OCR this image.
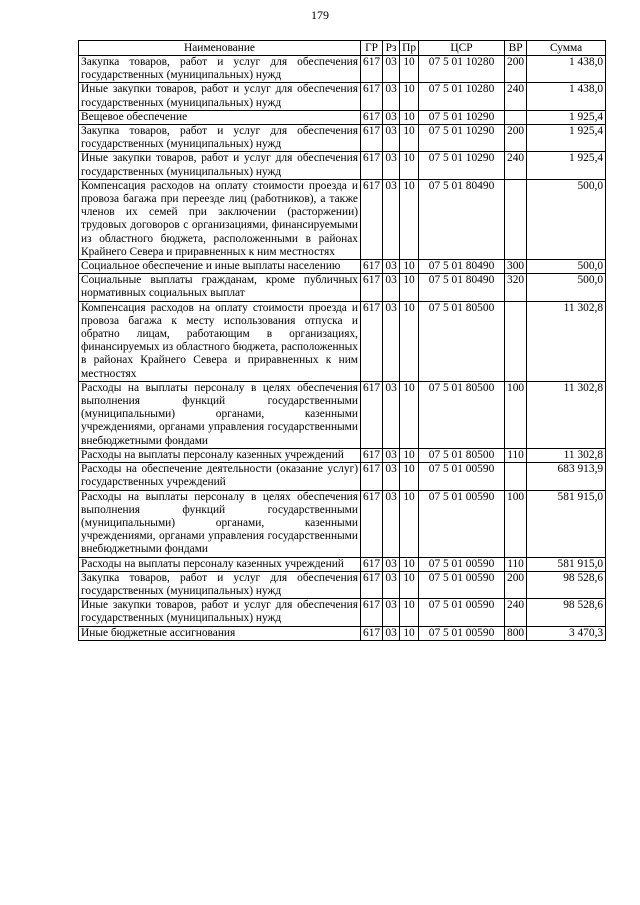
179
Наименование	ГР	Рз	Пр	ЦСР	ВР	Сумма
Закупка товаров, работ и услуг для обеспечения государственных (муниципальных) нужд	617	03	10	07 5 01 10280	200	1 438,0
Иные закупки товаров, работ и услуг для обеспечения государственных (муниципальных) нужд	617	03	10	07 5 01 10280	240	1 438,0
Вещевое обеспечение	617	03	10	07 5 01 10290		1 925,4
Закупка товаров, работ и услуг для обеспечения государственных (муниципальных) нужд	617	03	10	07 5 01 10290	200	1 925,4
Иные закупки товаров, работ и услуг для обеспечения государственных (муниципальных) нужд	617	03	10	07 5 01 10290	240	1 925,4
Компенсация расходов на оплату стоимости проезда и провоза багажа при переезде лиц (работников), а также членов их семей при заключении (расторжении) трудовых договоров с организациями, финансируемыми из областного бюджета, расположенными в районах Крайнего Севера и приравненных к ним местностях	617	03	10	07 5 01 80490		500,0
Социальное обеспечение и иные выплаты населению	617	03	10	07 5 01 80490	300	500,0
Социальные выплаты гражданам, кроме публичных нормативных социальных выплат	617	03	10	07 5 01 80490	320	500,0
Компенсация расходов на оплату стоимости проезда и провоза багажа к месту использования отпуска и обратно лицам, работающим в организациях, финансируемых из областного бюджета, расположенных в районах Крайнего Севера и приравненных к ним местностях	617	03	10	07 5 01 80500		11 302,8
Расходы на выплаты персоналу в целях обеспечения выполнения функций государственными (муниципальными) органами, казенными учреждениями, органами управления государственными внебюджетными фондами	617	03	10	07 5 01 80500	100	11 302,8
Расходы на выплаты персоналу казенных учреждений	617	03	10	07 5 01 80500	110	11 302,8
Расходы на обеспечение деятельности (оказание услуг) государственных учреждений	617	03	10	07 5 01 00590		683 913,9
Расходы на выплаты персоналу в целях обеспечения выполнения функций государственными (муниципальными) органами, казенными учреждениями, органами управления государственными внебюджетными фондами	617	03	10	07 5 01 00590	100	581 915,0
Расходы на выплаты персоналу казенных учреждений	617	03	10	07 5 01 00590	110	581 915,0
Закупка товаров, работ и услуг для обеспечения государственных (муниципальных) нужд	617	03	10	07 5 01 00590	200	98 528,6
Иные закупки товаров, работ и услуг для обеспечения государственных (муниципальных) нужд	617	03	10	07 5 01 00590	240	98 528,6
Иные бюджетные ассигнования	617	03	10	07 5 01 00590	800	3 470,3
